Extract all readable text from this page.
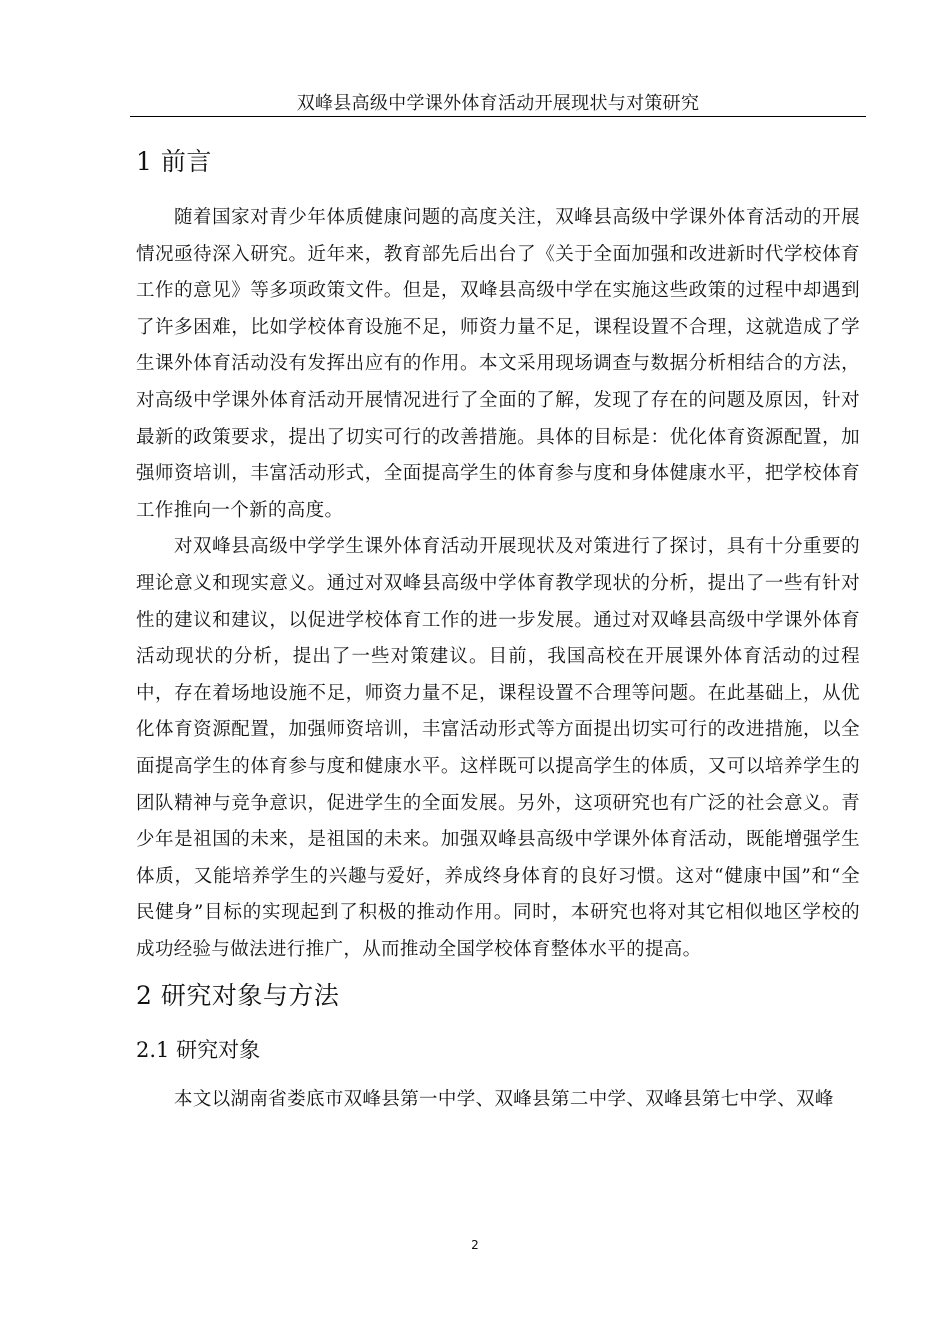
双峰县高级中学课外体育活动开展现状与对策研究
1 前言

随着国家对青少年体质健康问题的高度关注，双峰县高级中学课外体育活动的开展情况亟待深入研究。近年来，教育部先后出台了《关于全面加强和改进新时代学校体育工作的意见》等多项政策文件。但是，双峰县高级中学在实施这些政策的过程中却遇到了许多困难，比如学校体育设施不足，师资力量不足，课程设置不合理，这就造成了学生课外体育活动没有发挥出应有的作用。本文采用现场调查与数据分析相结合的方法，对高级中学课外体育活动开展情况进行了全面的了解，发现了存在的问题及原因，针对最新的政策要求，提出了切实可行的改善措施。具体的目标是：优化体育资源配置，加强师资培训，丰富活动形式，全面提高学生的体育参与度和身体健康水平，把学校体育工作推向一个新的高度。

对双峰县高级中学学生课外体育活动开展现状及对策进行了探讨，具有十分重要的理论意义和现实意义。通过对双峰县高级中学体育教学现状的分析，提出了一些有针对性的建议和建议，以促进学校体育工作的进一步发展。通过对双峰县高级中学课外体育活动现状的分析，提出了一些对策建议。目前，我国高校在开展课外体育活动的过程中，存在着场地设施不足，师资力量不足，课程设置不合理等问题。在此基础上，从优化体育资源配置，加强师资培训，丰富活动形式等方面提出切实可行的改进措施，以全面提高学生的体育参与度和健康水平。这样既可以提高学生的体质，又可以培养学生的团队精神与竞争意识，促进学生的全面发展。另外，这项研究也有广泛的社会意义。青少年是祖国的未来，是祖国的未来。加强双峰县高级中学课外体育活动，既能增强学生体质，又能培养学生的兴趣与爱好，养成终身体育的良好习惯。这对“健康中国”和“全民健身”目标的实现起到了积极的推动作用。同时，本研究也将对其它相似地区学校的成功经验与做法进行推广，从而推动全国学校体育整体水平的提高。

2 研究对象与方法
2.1 研究对象

本文以湖南省娄底市双峰县第一中学、双峰县第二中学、双峰县第七中学、双峰

2
